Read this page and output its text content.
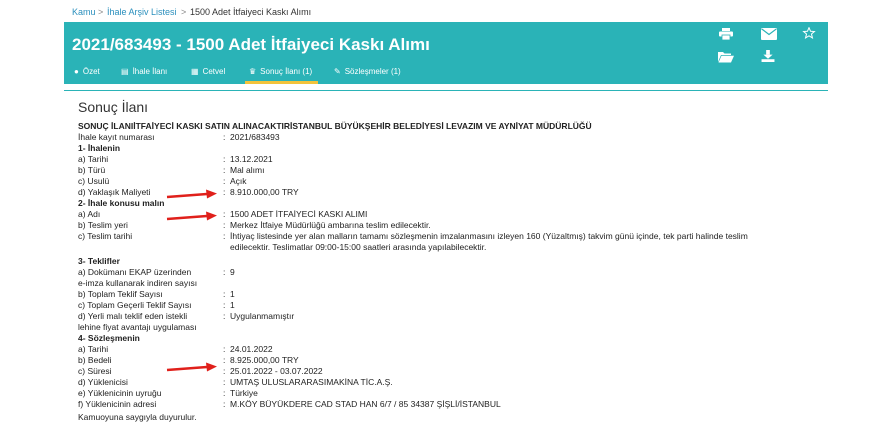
Kamu > İhale Arşiv Listesi > 1500 Adet İtfaiyeci Kaskı Alımı
2021/683493 - 1500 Adet İtfaiyeci Kaskı Alımı
● Özet	▤ İhale İlanı	▦ Cetvel	♛ Sonuç İlanı (1)	✎ Sözleşmeler (1)
Sonuç İlanı
SONUÇ İLANIİTFAİYECİ KASKI SATIN ALINACAKTIRİSTANBUL BÜYÜKŞEHİR BELEDİYESİ LEVAZIM VE AYNİYAT MÜDÜRLÜĞÜ
İhale kayıt numarası	: 2021/683493
1- İhalenin
a) Tarihi	: 13.12.2021
b) Türü	: Mal alımı
c) Usulü	: Açık
d) Yaklaşık Maliyeti	: 8.910.000,00 TRY
2- İhale konusu malın
a) Adı	: 1500 ADET İTFAİYECİ KASKI ALIMI
b) Teslim yeri	: Merkez İtfaiye Müdürlüğü ambarına teslim edilecektir.
c) Teslim tarihi	: İhtiyaç listesinde yer alan malların tamamı sözleşmenin imzalanmasını izleyen 160 (Yüzaltmış) takvim günü içinde, tek parti halinde teslim
edilecektir. Teslimatlar 09:00-15:00 saatleri arasında yapılabilecektir.
3- Teklifler
a) Dokümanı EKAP üzerinden	: 9
e-imza kullanarak indiren sayısı
b) Toplam Teklif Sayısı	: 1
c) Toplam Geçerli Teklif Sayısı	: 1
d) Yerli malı teklif eden istekli	: Uygulanmamıştır
lehine fiyat avantajı uygulaması
4- Sözleşmenin
a) Tarihi	: 24.01.2022
b) Bedeli	: 8.925.000,00 TRY
c) Süresi	: 25.01.2022 - 03.07.2022
d) Yüklenicisi	: UMTAŞ ULUSLARARASIMAKİNA TİC.A.Ş.
e) Yüklenicinin uyruğu	: Türkiye
f) Yüklenicinin adresi	: M.KÖY BÜYÜKDERE CAD STAD HAN 6/7 / 85 34387 ŞİŞLİ/İSTANBUL
Kamuoyuna saygıyla duyurulur.
